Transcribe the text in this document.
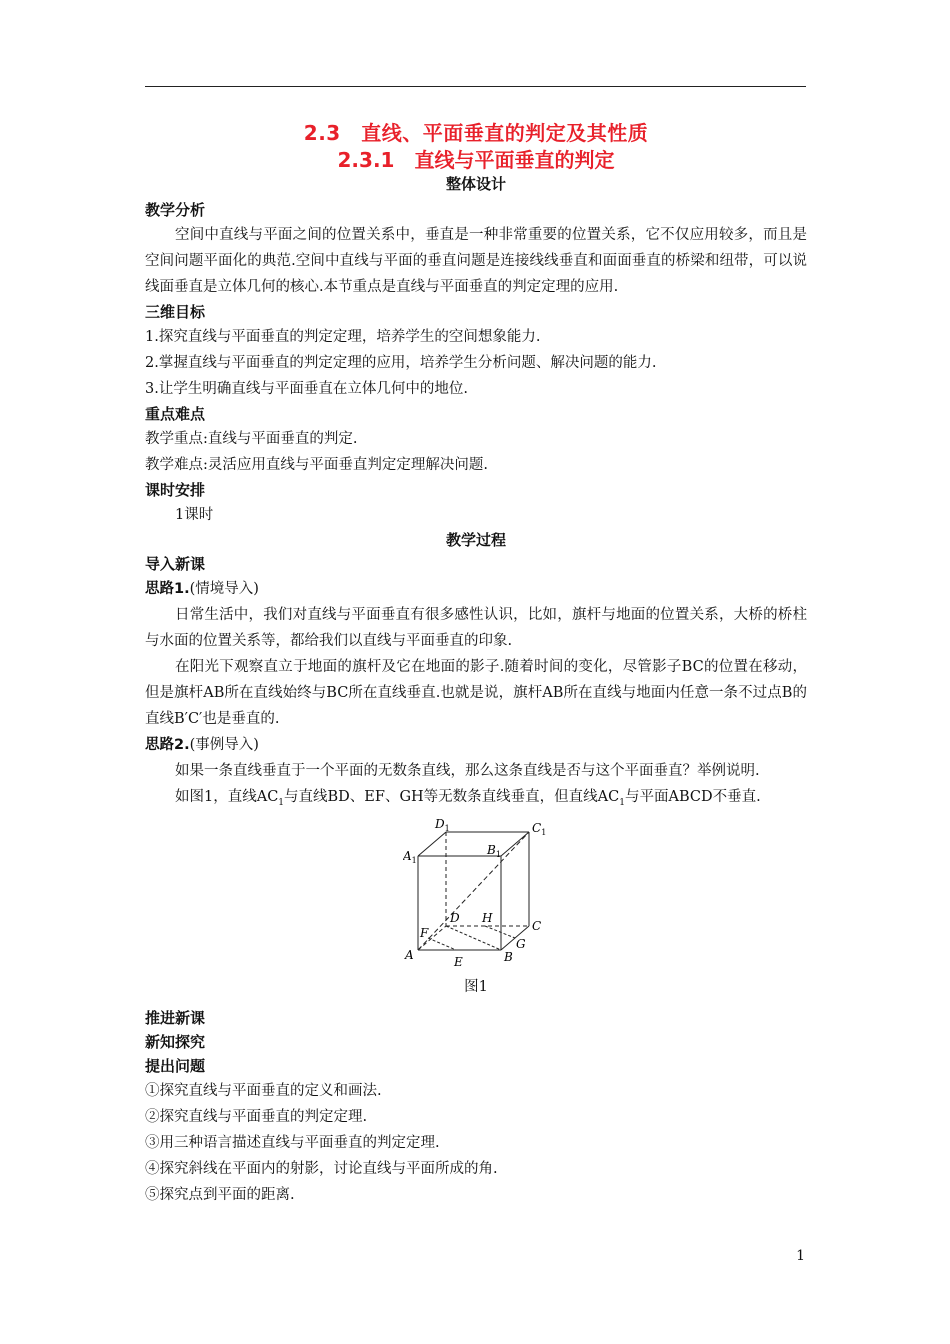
2.3　直线、平面垂直的判定及其性质
2.3.1　直线与平面垂直的判定
整体设计
教学分析

空间中直线与平面之间的位置关系中，垂直是一种非常重要的位置关系，它不仅应用较多，而且是空间问题平面化的典范.空间中直线与平面的垂直问题是连接线线垂直和面面垂直的桥梁和纽带，可以说线面垂直是立体几何的核心.本节重点是直线与平面垂直的判定定理的应用.

三维目标

1.探究直线与平面垂直的判定定理，培养学生的空间想象能力.

2.掌握直线与平面垂直的判定定理的应用，培养学生分析问题、解决问题的能力.

3.让学生明确直线与平面垂直在立体几何中的地位.

重点难点

教学重点:直线与平面垂直的判定.

教学难点:灵活应用直线与平面垂直判定定理解决问题.

课时安排

1课时

教学过程
导入新课

思路1.(情境导入)

日常生活中，我们对直线与平面垂直有很多感性认识，比如，旗杆与地面的位置关系，大桥的桥柱与水面的位置关系等，都给我们以直线与平面垂直的印象.

在阳光下观察直立于地面的旗杆及它在地面的影子.随着时间的变化，尽管影子BC的位置在移动，但是旗杆AB所在直线始终与BC所在直线垂直.也就是说，旗杆AB所在直线与地面内任意一条不过点B的直线B′C′也是垂直的.

思路2.(事例导入)

如果一条直线垂直于一个平面的无数条直线，那么这条直线是否与这个平面垂直？举例说明.

如图1，直线$AC_1$与直线BD、EF、GH等无数条直线垂直，但直线$AC_1$与平面ABCD不垂直.

$D_1$	$C_1$
$A_1$
$B_1$
D H
C
F
A	B
G
E
图1
推进新课
新知探究
提出问题

①探究直线与平面垂直的定义和画法.

②探究直线与平面垂直的判定定理.

③用三种语言描述直线与平面垂直的判定定理.

④探究斜线在平面内的射影，讨论直线与平面所成的角.

⑤探究点到平面的距离.

1
